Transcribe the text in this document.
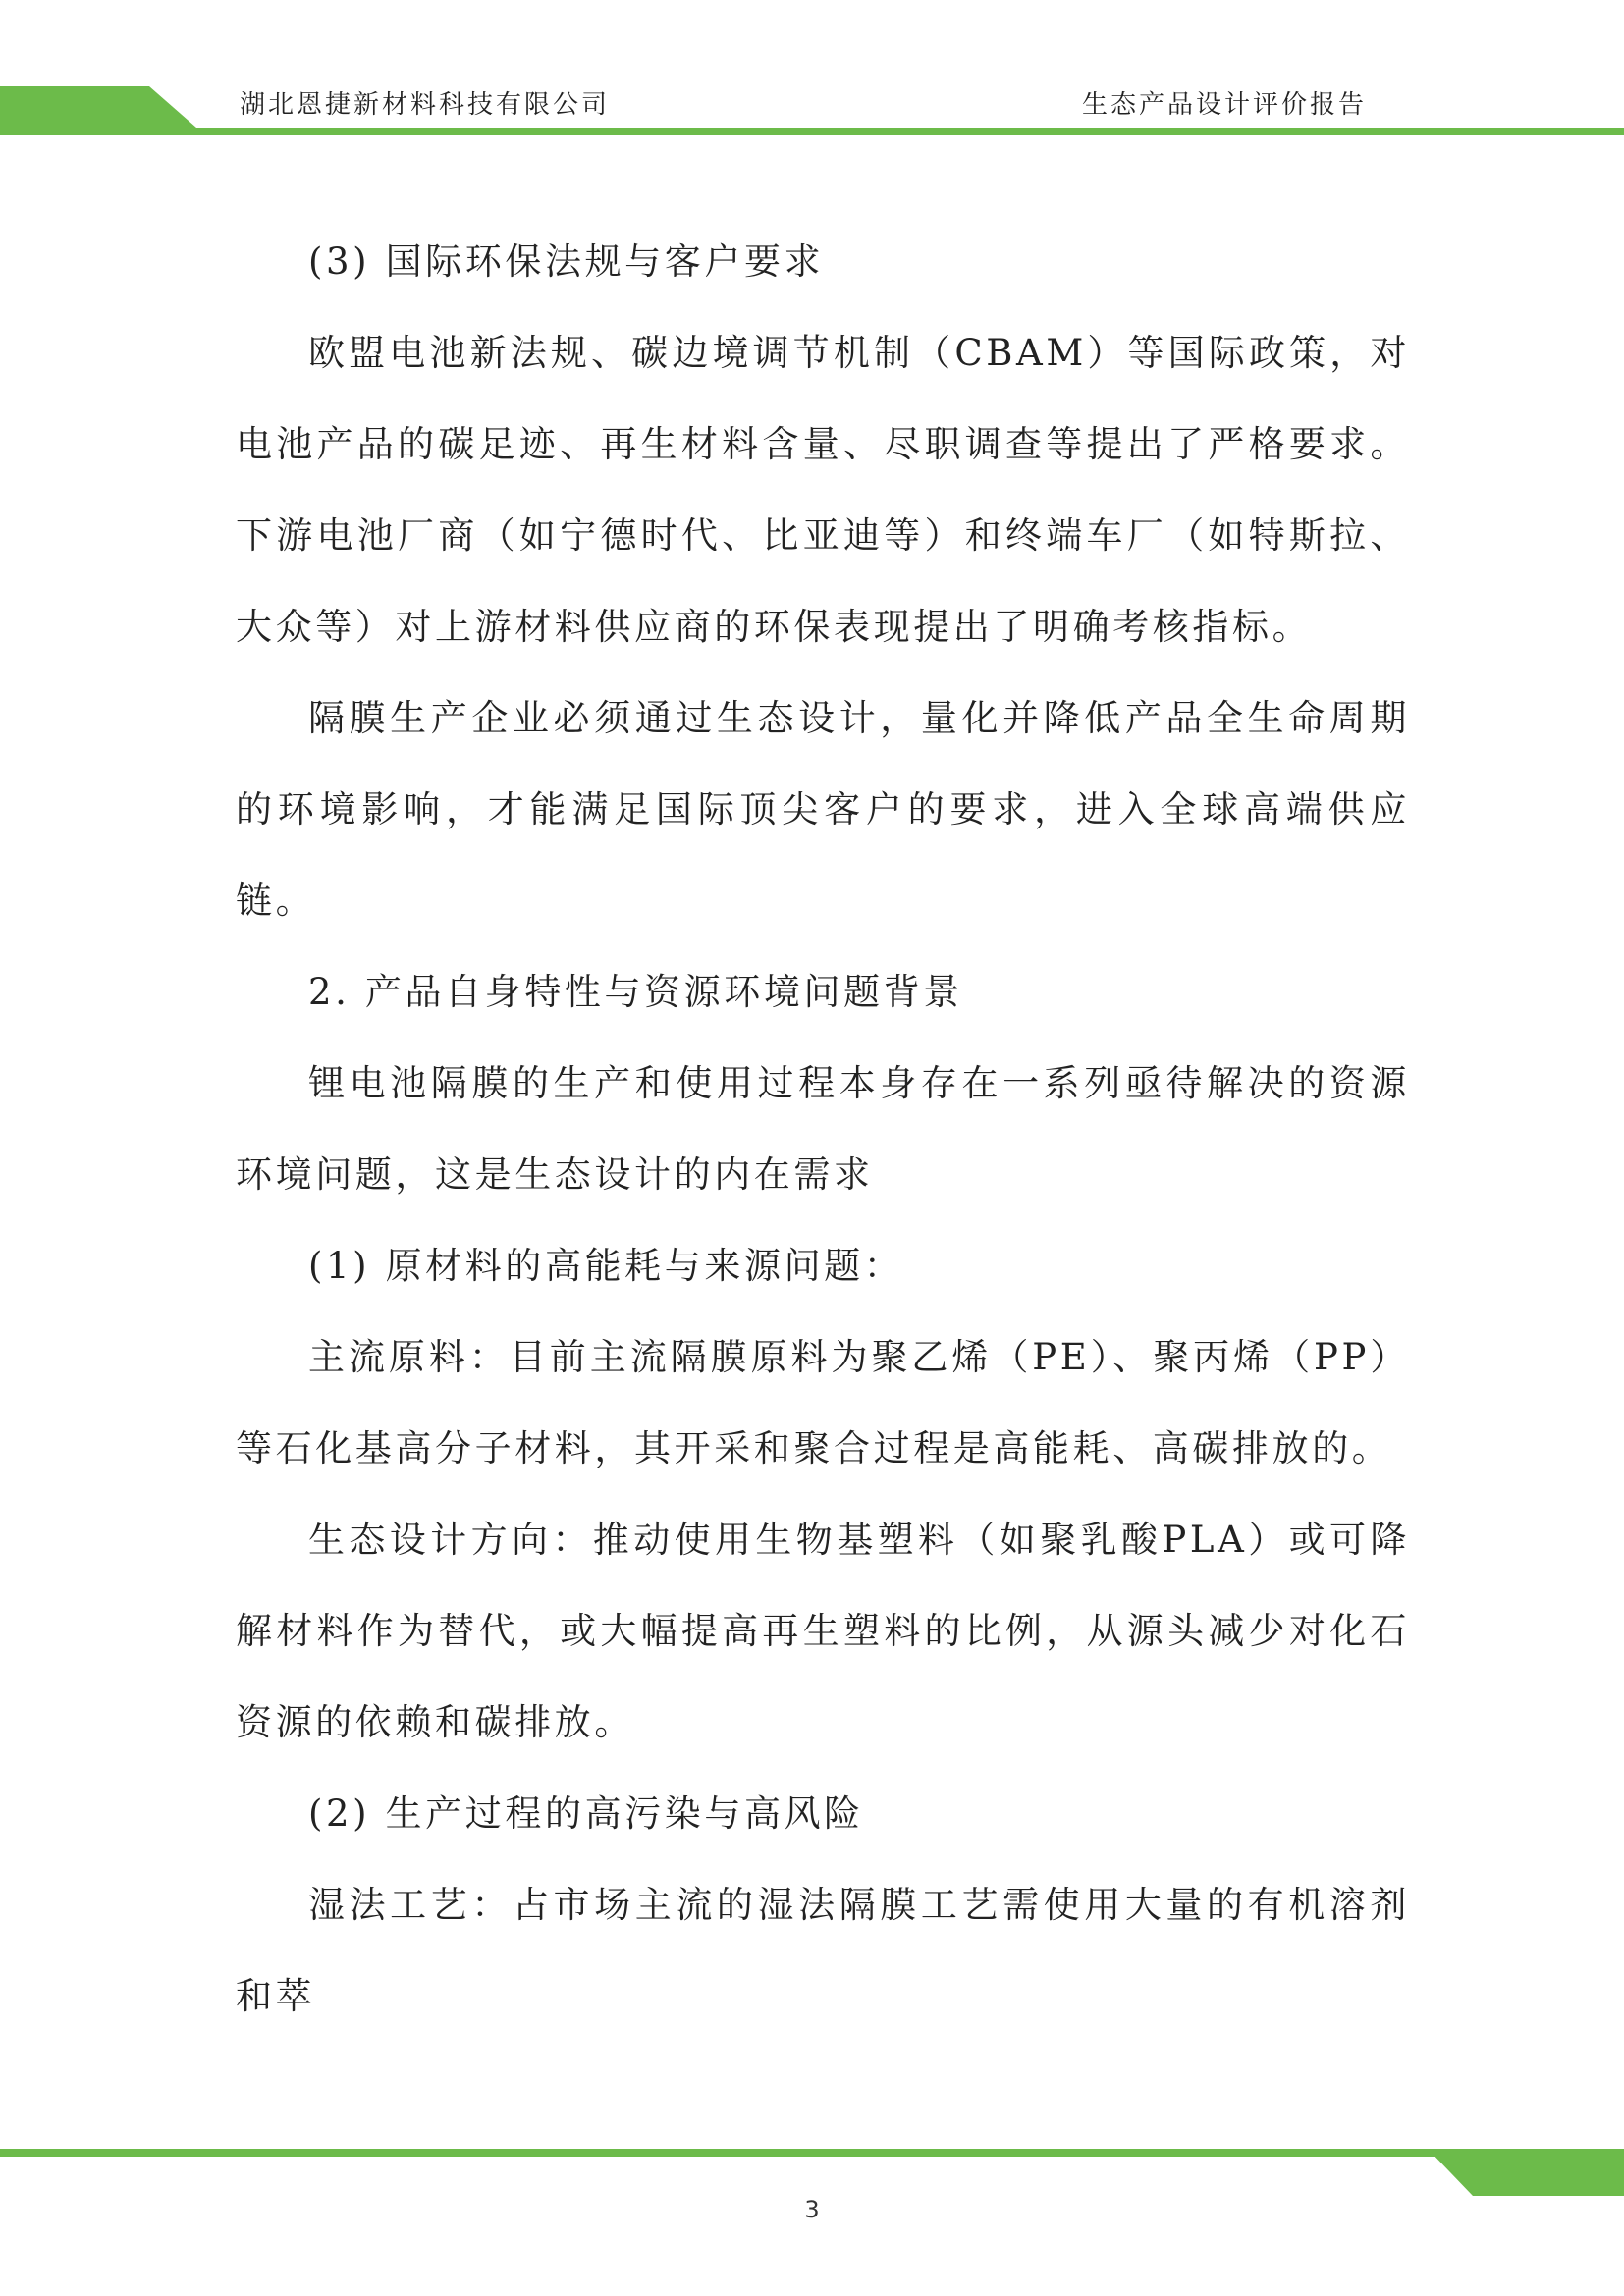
湖北恩捷新材料科技有限公司	生态产品设计评价报告

(3) 国际环保法规与客户要求

欧盟电池新法规、碳边境调节机制（CBAM）等国际政策，对电池产品的碳足迹、再生材料含量、尽职调查等提出了严格要求。下游电池厂商（如宁德时代、比亚迪等）和终端车厂（如特斯拉、大众等）对上游材料供应商的环保表现提出了明确考核指标。

隔膜生产企业必须通过生态设计，量化并降低产品全生命周期的环境影响，才能满足国际顶尖客户的要求，进入全球高端供应链。

2. 产品自身特性与资源环境问题背景

锂电池隔膜的生产和使用过程本身存在一系列亟待解决的资源环境问题，这是生态设计的内在需求

(1) 原材料的高能耗与来源问题：

主流原料：目前主流隔膜原料为聚乙烯（PE）、聚丙烯（PP）等石化基高分子材料，其开采和聚合过程是高能耗、高碳排放的。

生态设计方向：推动使用生物基塑料（如聚乳酸PLA）或可降解材料作为替代，或大幅提高再生塑料的比例，从源头减少对化石资源的依赖和碳排放。

(2) 生产过程的高污染与高风险

湿法工艺：占市场主流的湿法隔膜工艺需使用大量的有机溶剂和萃

3
